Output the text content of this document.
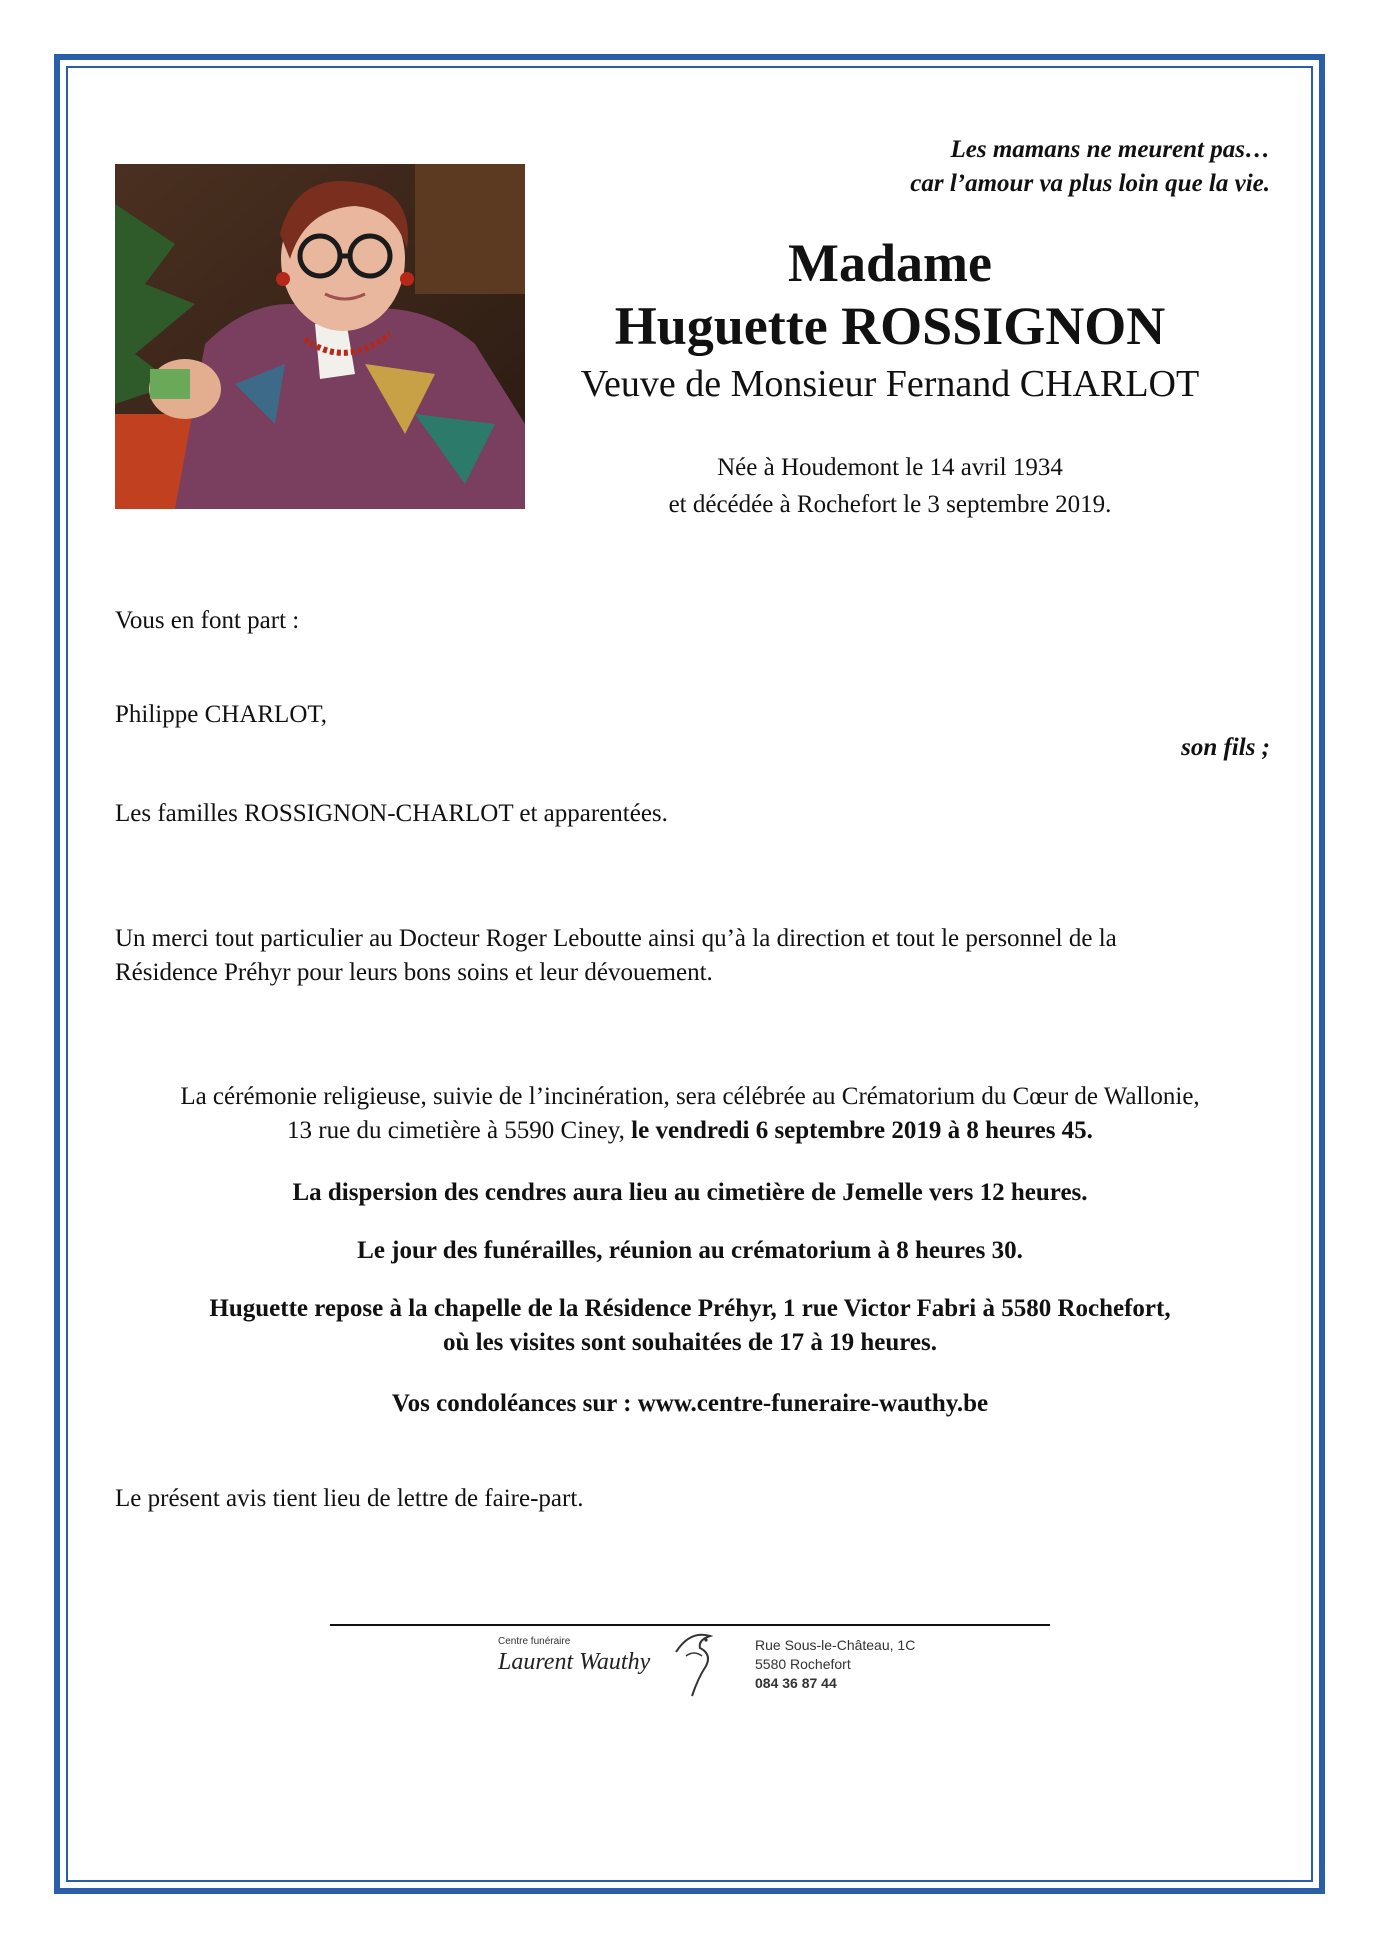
Les mamans ne meurent pas…
car l’amour va plus loin que la vie.
Madame
Huguette ROSSIGNON
Veuve de Monsieur Fernand CHARLOT
Née à Houdemont le 14 avril 1934
et décédée à Rochefort le 3 septembre 2019.
Vous en font part :
Philippe CHARLOT,
son fils ;
Les familles ROSSIGNON-CHARLOT et apparentées.
Un merci tout particulier au Docteur Roger Leboutte ainsi qu’à la direction et tout le personnel de la
Résidence Préhyr pour leurs bons soins et leur dévouement.
La cérémonie religieuse, suivie de l’incinération, sera célébrée au Crématorium du Cœur de Wallonie,
13 rue du cimetière à 5590 Ciney, le vendredi 6 septembre 2019 à 8 heures 45.
La dispersion des cendres aura lieu au cimetière de Jemelle vers 12 heures.
Le jour des funérailles, réunion au crématorium à 8 heures 30.
Huguette repose à la chapelle de la Résidence Préhyr, 1 rue Victor Fabri à 5580 Rochefort,
où les visites sont souhaitées de 17 à 19 heures.
Vos condoléances sur : www.centre-funeraire-wauthy.be
Le présent avis tient lieu de lettre de faire-part.
Centre funéraire
Laurent Wauthy
Rue Sous-le-Château, 1C
5580 Rochefort
084 36 87 44
